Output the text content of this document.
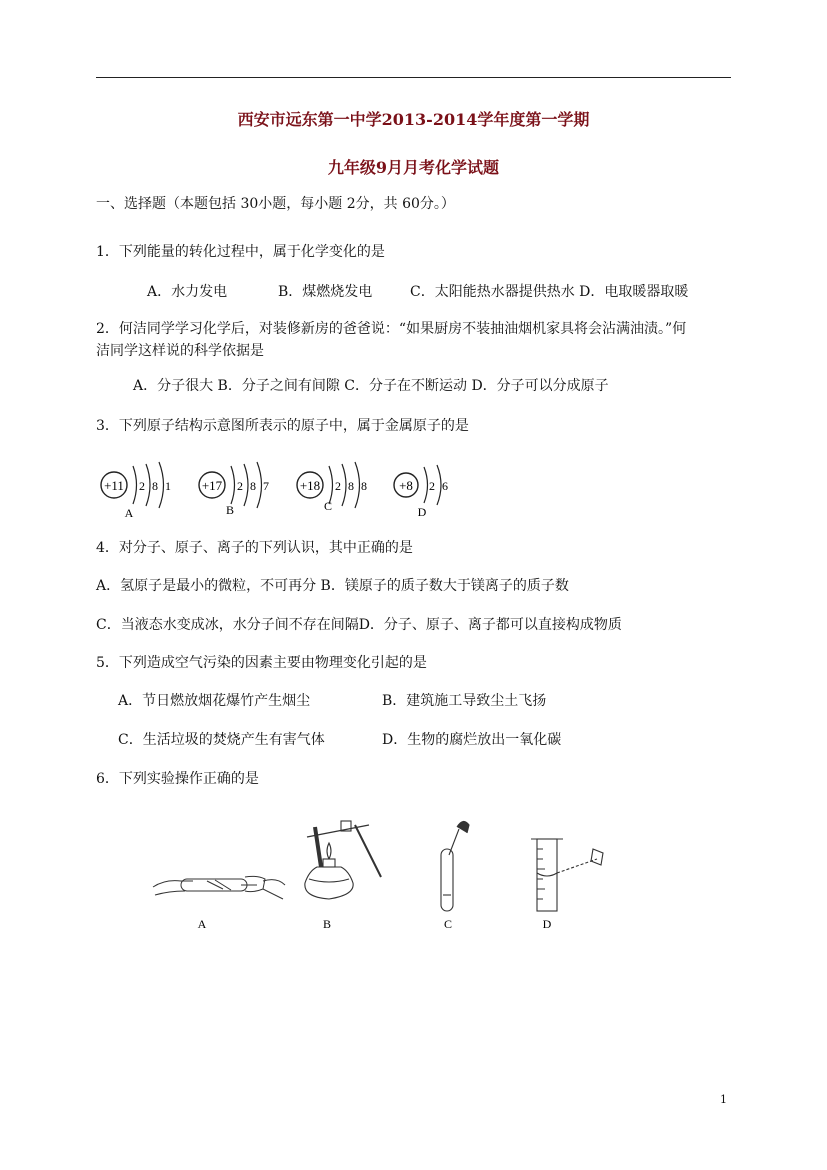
西安市远东第一中学2013-2014学年度第一学期
九年级9月月考化学试题
一、选择题（本题包括 30小题，每小题 2分，共 60分。）
1．下列能量的转化过程中，属于化学变化的是
A．水力发电	B．煤燃烧发电	C．太阳能热水器提供热水 D．电取暖器取暖
2．何洁同学学习化学后，对装修新房的爸爸说：“如果厨房不装抽油烟机家具将会沾满油渍。”何
洁同学这样说的科学依据是
A．分子很大 B．分子之间有间隙 C．分子在不断运动 D．分子可以分成原子
3．下列原子结构示意图所表示的原子中，属于金属原子的是
+11 2 8 1
A
+17 2 8 7
B
+18 2 8 8
C
+8 2 6
D
4．对分子、原子、离子的下列认识，其中正确的是
A．氢原子是最小的微粒，不可再分 B．镁原子的质子数大于镁离子的质子数
C．当液态水变成冰，水分子间不存在间隔D．分子、原子、离子都可以直接构成物质
5．下列造成空气污染的因素主要由物理变化引起的是
A．节日燃放烟花爆竹产生烟尘	B．建筑施工导致尘土飞扬
C．生活垃圾的焚烧产生有害气体	D．生物的腐烂放出一氧化碳
6．下列实验操作正确的是
A	B	C	D
1
